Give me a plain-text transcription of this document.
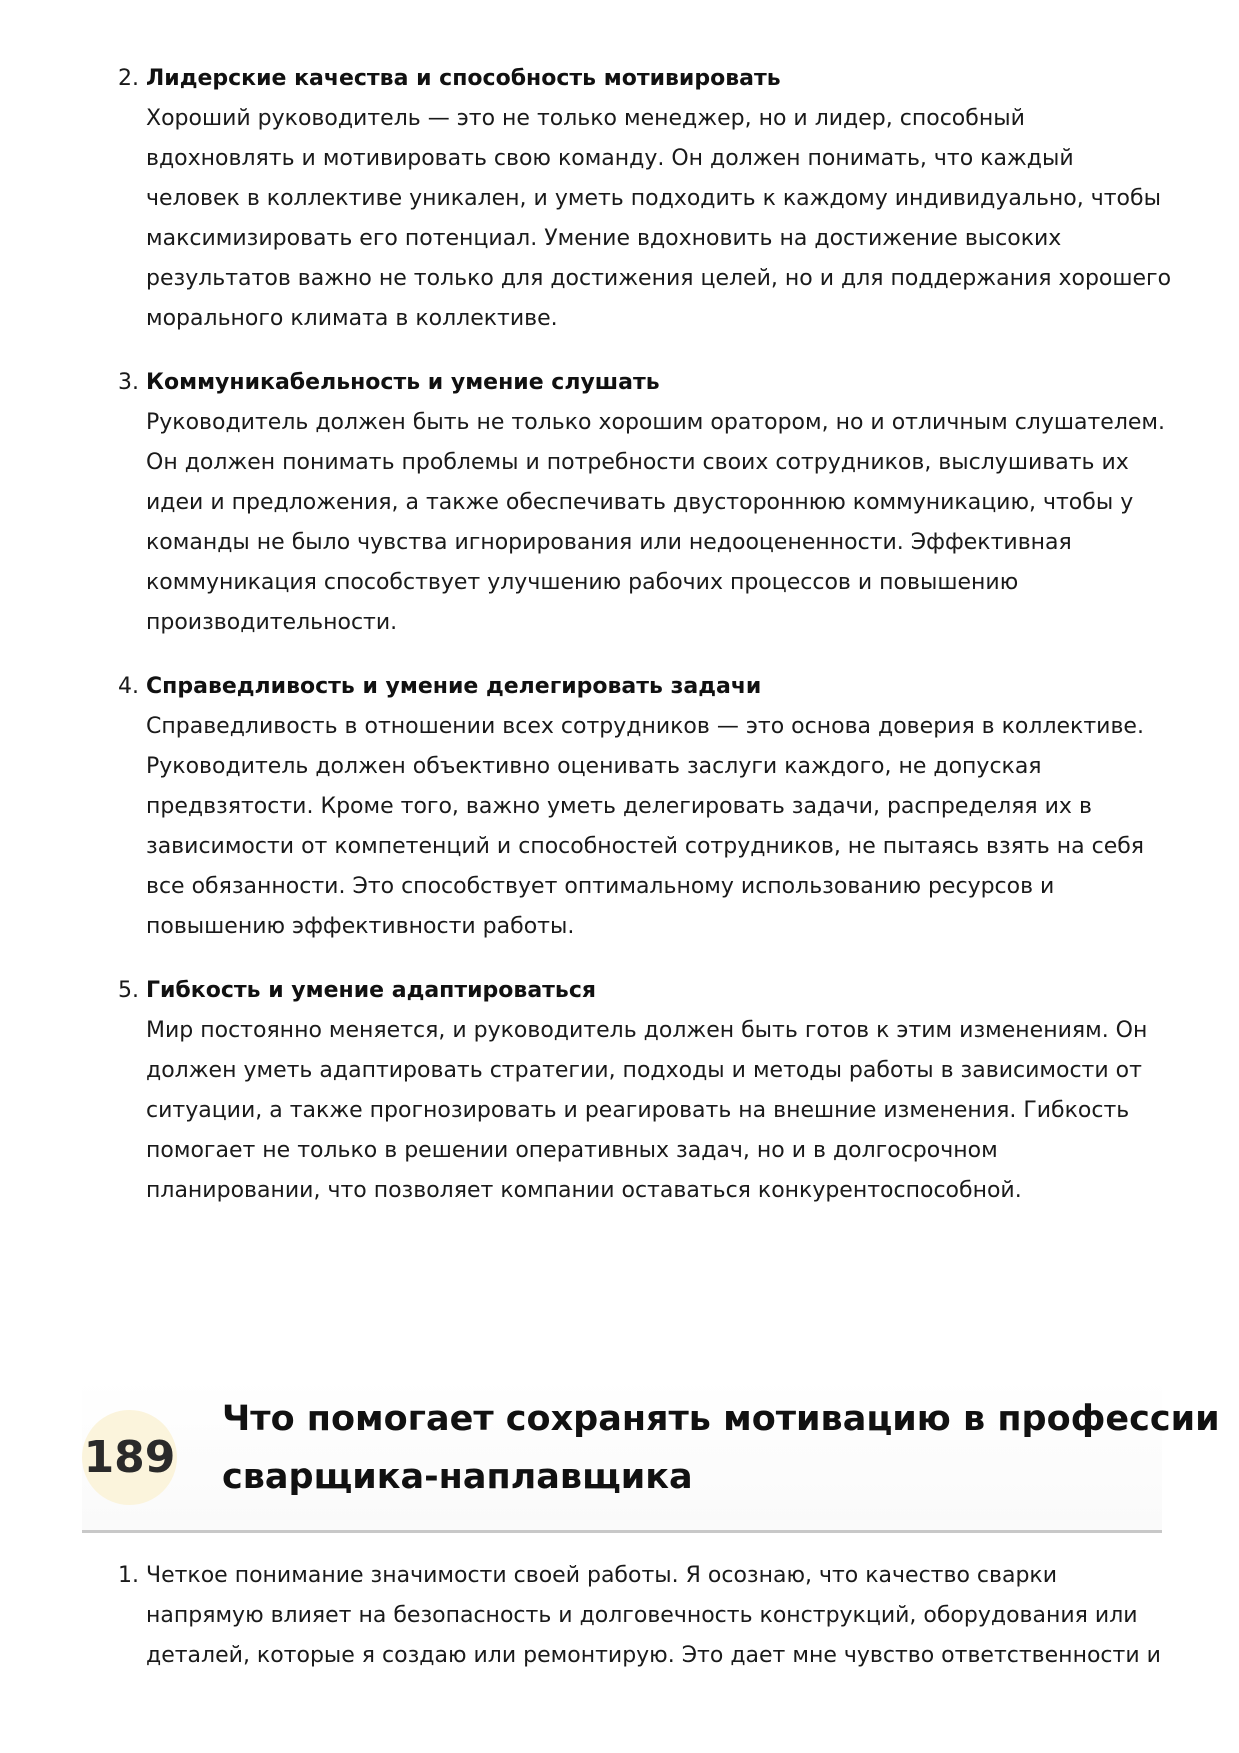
2. Лидерские качества и способность мотивировать
Хороший руководитель — это не только менеджер, но и лидер, способный
вдохновлять и мотивировать свою команду. Он должен понимать, что каждый
человек в коллективе уникален, и уметь подходить к каждому индивидуально, чтобы
максимизировать его потенциал. Умение вдохновить на достижение высоких
результатов важно не только для достижения целей, но и для поддержания хорошего
морального климата в коллективе.
3. Коммуникабельность и умение слушать
Руководитель должен быть не только хорошим оратором, но и отличным слушателем.
Он должен понимать проблемы и потребности своих сотрудников, выслушивать их
идеи и предложения, а также обеспечивать двустороннюю коммуникацию, чтобы у
команды не было чувства игнорирования или недооцененности. Эффективная
коммуникация способствует улучшению рабочих процессов и повышению
производительности.
4. Справедливость и умение делегировать задачи
Справедливость в отношении всех сотрудников — это основа доверия в коллективе.
Руководитель должен объективно оценивать заслуги каждого, не допуская
предвзятости. Кроме того, важно уметь делегировать задачи, распределяя их в
зависимости от компетенций и способностей сотрудников, не пытаясь взять на себя
все обязанности. Это способствует оптимальному использованию ресурсов и
повышению эффективности работы.
5. Гибкость и умение адаптироваться
Мир постоянно меняется, и руководитель должен быть готов к этим изменениям. Он
должен уметь адаптировать стратегии, подходы и методы работы в зависимости от
ситуации, а также прогнозировать и реагировать на внешние изменения. Гибкость
помогает не только в решении оперативных задач, но и в долгосрочном
планировании, что позволяет компании оставаться конкурентоспособной.
189
Что помогает сохранять мотивацию в профессии
сварщика-наплавщика
1. Четкое понимание значимости своей работы. Я осознаю, что качество сварки
напрямую влияет на безопасность и долговечность конструкций, оборудования или
деталей, которые я создаю или ремонтирую. Это дает мне чувство ответственности и
